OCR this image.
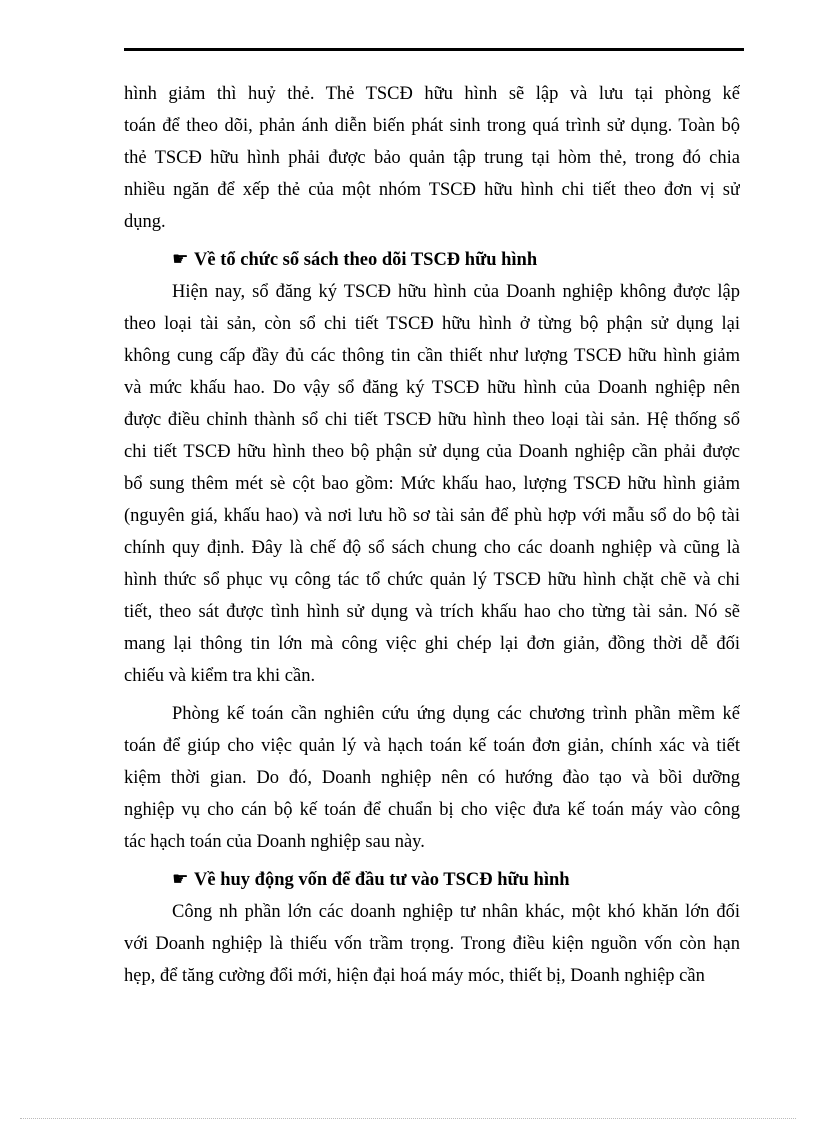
hình giảm thì huỷ thẻ. Thẻ TSCĐ hữu hình sẽ lập và lưu tại phòng kế
toán để theo dõi, phản ánh diễn biến phát sinh trong quá trình sử dụng. Toàn bộ
thẻ TSCĐ hữu hình phải được bảo quản tập trung tại hòm thẻ, trong đó chia
nhiều ngăn để xếp thẻ của một nhóm TSCĐ hữu hình chi tiết theo đơn vị sử
dụng.
☛ Về tổ chức sổ sách theo dõi TSCĐ hữu hình
Hiện nay, sổ đăng ký TSCĐ hữu hình của Doanh nghiệp không được lập
theo loại tài sản, còn sổ chi tiết TSCĐ hữu hình ở từng bộ phận sử dụng lại
không cung cấp đầy đủ các thông tin cần thiết như lượng TSCĐ hữu hình giảm
và mức khấu hao. Do vậy sổ đăng ký TSCĐ hữu hình của Doanh nghiệp nên
được điều chỉnh thành sổ chi tiết TSCĐ hữu hình theo loại tài sản. Hệ thống sổ
chi tiết TSCĐ hữu hình theo bộ phận sử dụng của Doanh nghiệp cần phải được
bổ sung thêm mét sè cột bao gồm: Mức khấu hao, lượng TSCĐ hữu hình giảm
(nguyên giá, khấu hao) và nơi lưu hồ sơ tài sản để phù hợp với mẫu sổ do bộ tài
chính quy định. Đây là chế độ sổ sách chung cho các doanh nghiệp và cũng là
hình thức sổ phục vụ công tác tổ chức quản lý TSCĐ hữu hình chặt chẽ và chi
tiết, theo sát được tình hình sử dụng và trích khấu hao cho từng tài sản. Nó sẽ
mang lại thông tin lớn mà công việc ghi chép lại đơn giản, đồng thời dễ đối
chiếu và kiểm tra khi cần.
Phòng kế toán cần nghiên cứu ứng dụng các chương trình phần mềm kế
toán để giúp cho việc quản lý và hạch toán kế toán đơn giản, chính xác và tiết
kiệm thời gian. Do đó, Doanh nghiệp nên có hướng đào tạo và bồi dưỡng
nghiệp vụ cho cán bộ kế toán để chuẩn bị cho việc đưa kế toán máy vào công
tác hạch toán của Doanh nghiệp sau này.
☛ Về huy động vốn để đầu tư vào TSCĐ hữu hình
Công nh phần lớn các doanh nghiệp tư nhân khác, một khó khăn lớn đối
với Doanh nghiệp là thiếu vốn trầm trọng. Trong điều kiện nguồn vốn còn hạn
hẹp, để tăng cường đổi mới, hiện đại hoá máy móc, thiết bị, Doanh nghiệp cần
